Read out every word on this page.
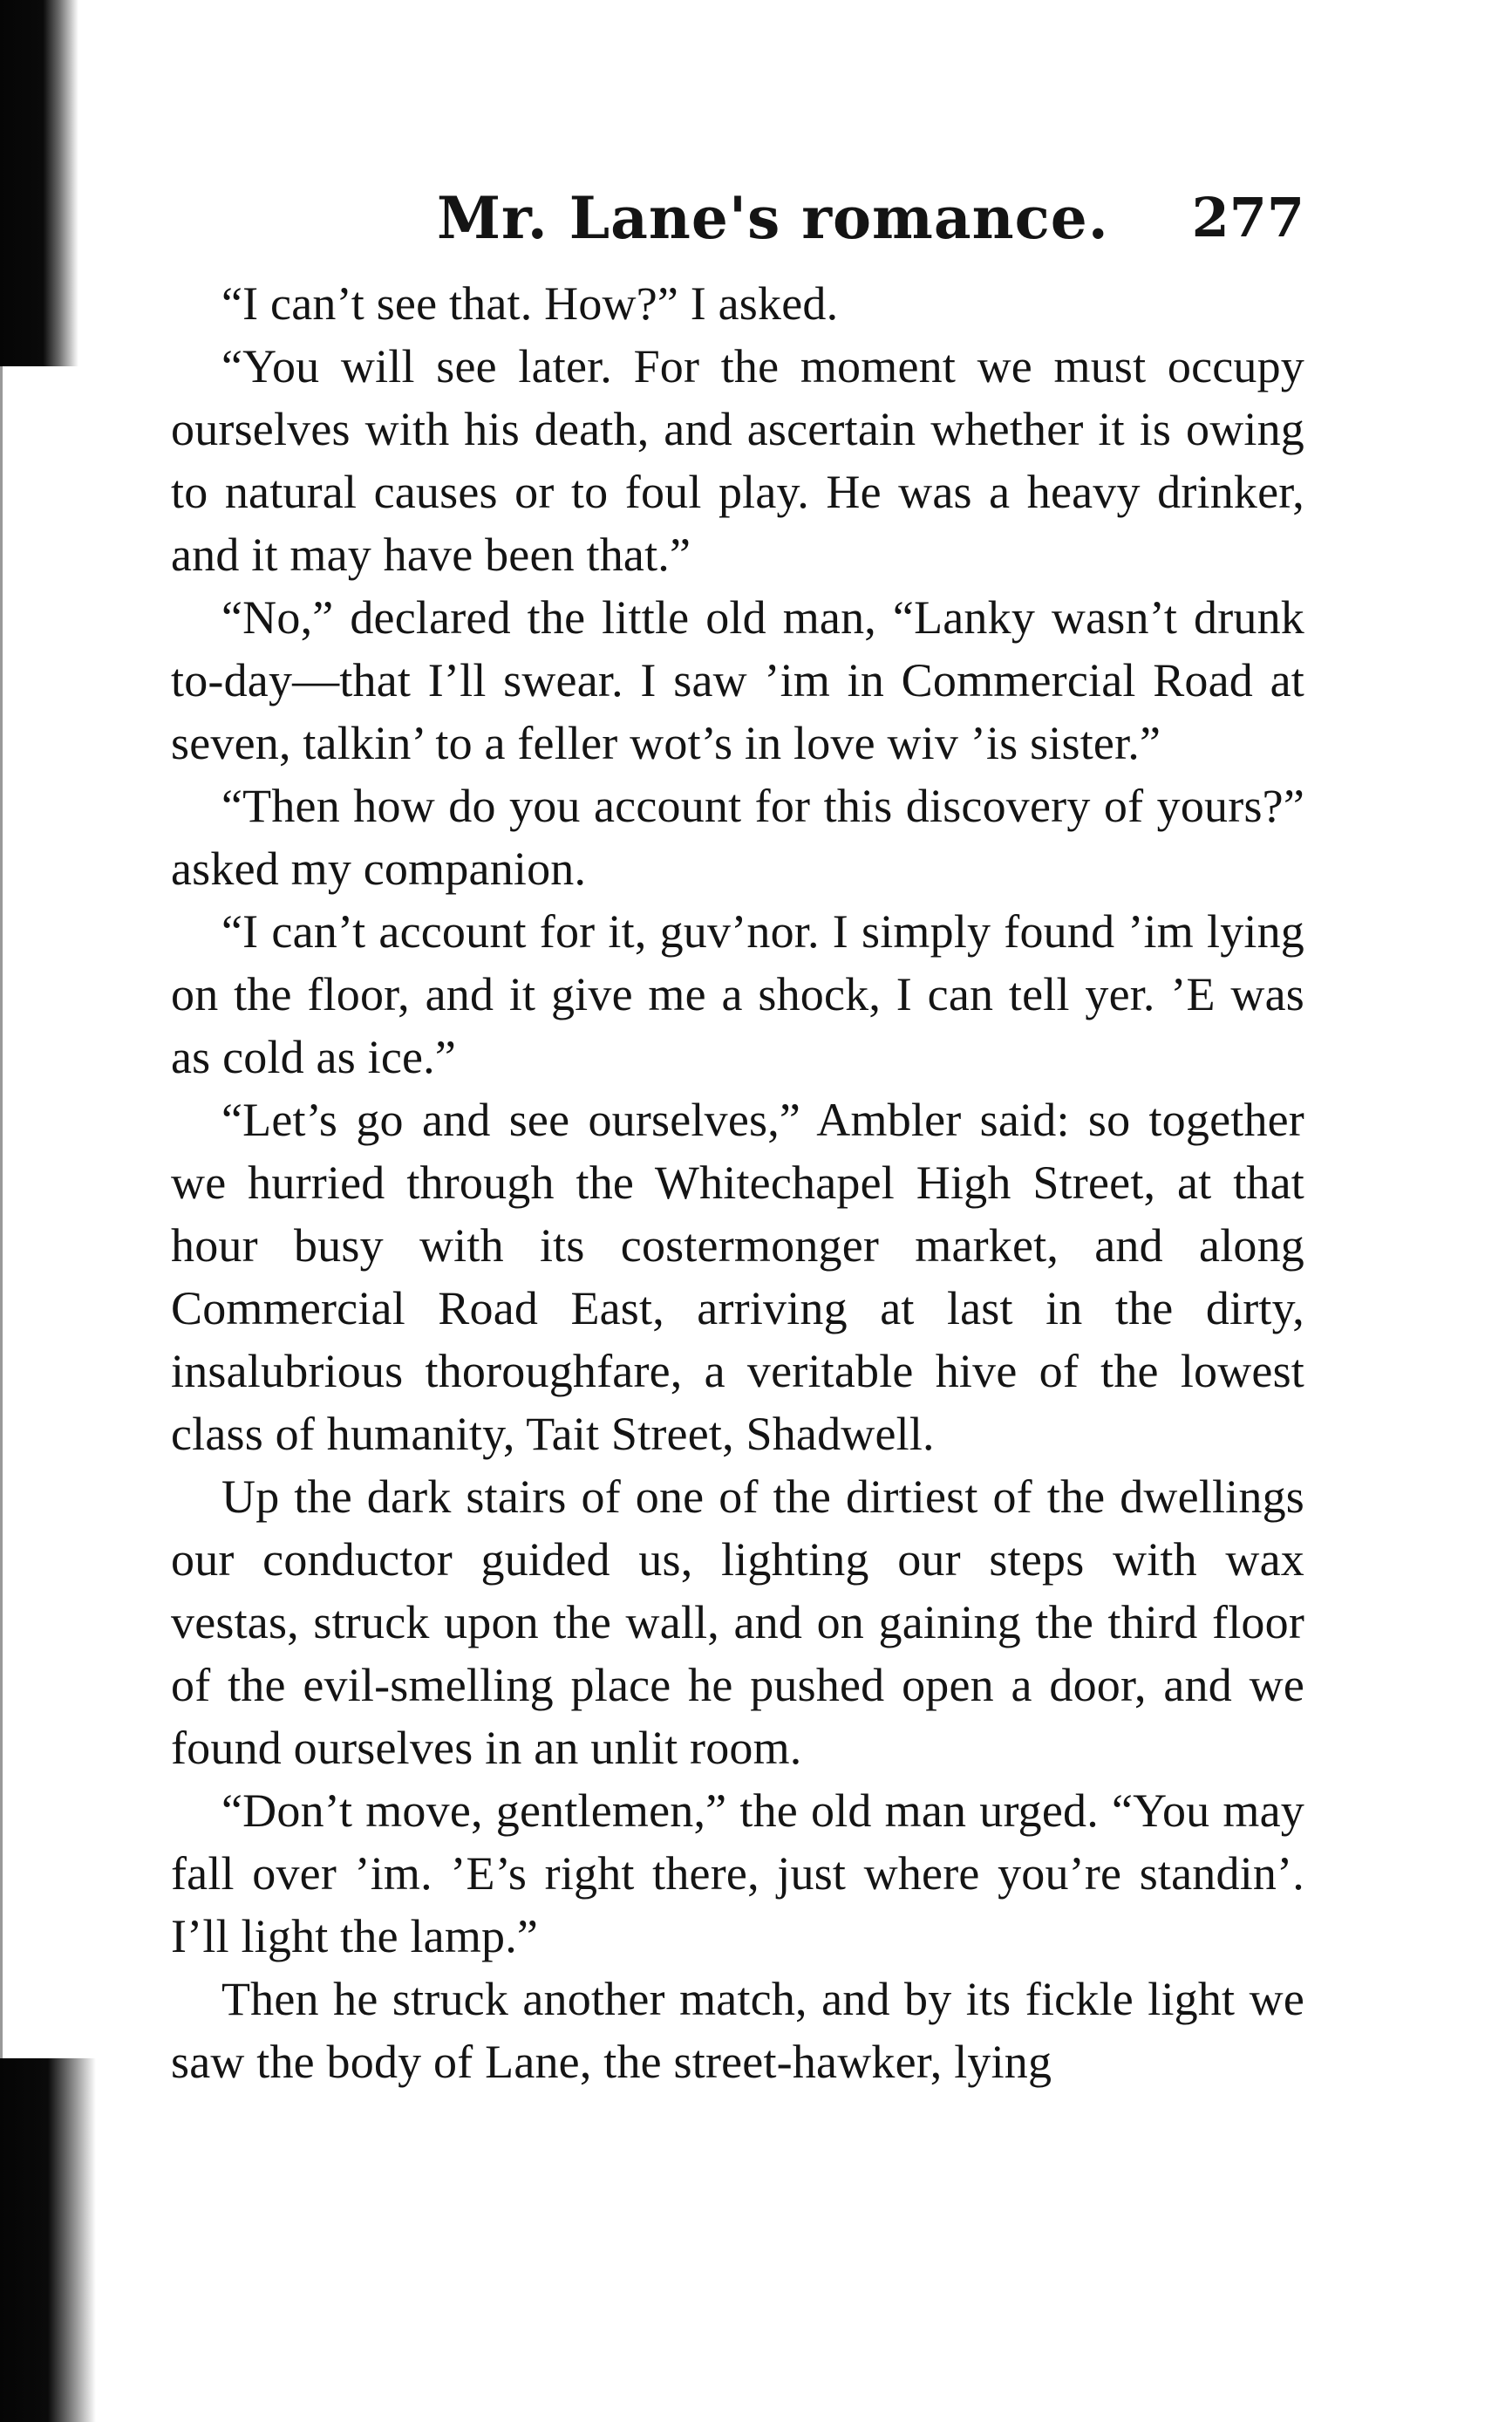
Mr. Lane's romance. 277

“I can’t see that. How?” I asked.

“You will see later. For the moment we must occupy ourselves with his death, and ascertain whether it is owing to natural causes or to foul play. He was a heavy drinker, and it may have been that.”

“No,” declared the little old man, “Lanky wasn’t drunk to-day—that I’ll swear. I saw ’im in Commercial Road at seven, talkin’ to a feller wot’s in love wiv ’is sister.”

“Then how do you account for this discovery of yours?” asked my companion.

“I can’t account for it, guv’nor. I simply found ’im lying on the floor, and it give me a shock, I can tell yer. ’E was as cold as ice.”

“Let’s go and see ourselves,” Ambler said: so together we hurried through the Whitechapel High Street, at that hour busy with its costermonger market, and along Commercial Road East, arriving at last in the dirty, insalubrious thoroughfare, a veritable hive of the lowest class of humanity, Tait Street, Shadwell.

Up the dark stairs of one of the dirtiest of the dwellings our conductor guided us, lighting our steps with wax vestas, struck upon the wall, and on gaining the third floor of the evil-smelling place he pushed open a door, and we found ourselves in an unlit room.

“Don’t move, gentlemen,” the old man urged. “You may fall over ’im. ’E’s right there, just where you’re standin’. I’ll light the lamp.”

Then he struck another match, and by its fickle light we saw the body of Lane, the street-hawker, lying
